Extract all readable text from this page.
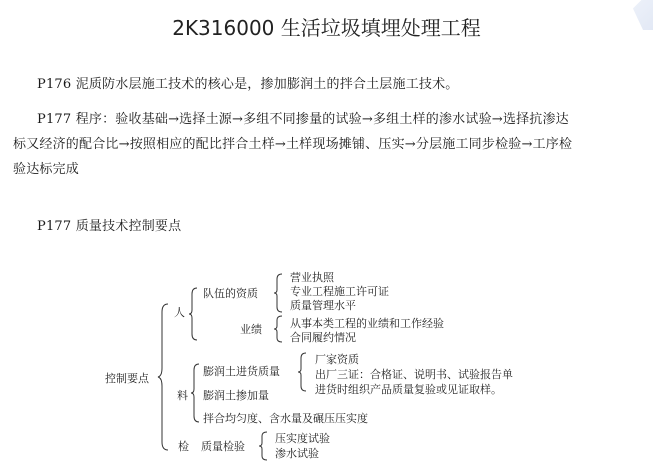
2K316000 生活垃圾填埋处理工程
P176 泥质防水层施工技术的核心是，掺加膨润土的拌合土层施工技术。
P177 程序：验收基础→选择土源→多组不同掺量的试验→多组土样的渗水试验→选择抗渗达
标又经济的配合比→按照相应的配比拌合土样→土样现场摊铺、压实→分层施工同步检验→工序检
验达标完成
P177 质量技术控制要点
控制要点
人
队伍的资质
营业执照
专业工程施工许可证
质量管理水平
业绩	从事本类工程的业绩和工作经验
合同履约情况
料
膨润土进货质量
厂家资质
出厂三证：合格证、说明书、试验报告单
进货时组织产品质量复验或见证取样。
膨润土掺加量
拌合均匀度、含水量及碾压压实度
检 质量检验
压实度试验
渗水试验
